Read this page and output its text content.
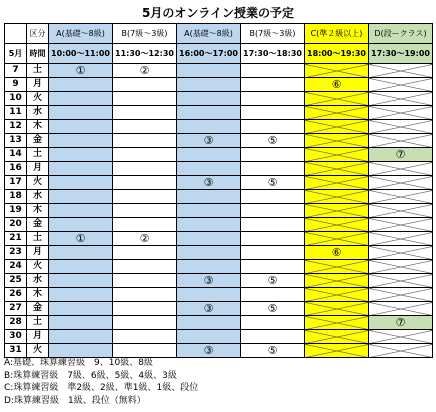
5月のオンライン授業の予定
	区分	A(基礎～8級)	B(7級～3級)	A(基礎～8級)	B(7級～3級)	C(準２級以上)	D(段ークラス)
5月	時間	10:00～11:00	11:30～12:30	16:00～17:00	17:30～18:30	18:00～19:30	17:30～19:00
7	土	①	②				
9	月					⑥	
10	火						
11	水						
12	木						
13	金			③	⑤		
14	土						⑦
16	月						
17	火			③	⑤		
18	水						
19	木						
20	金						
21	土	①	②				
23	月					⑥	
24	火						
25	水			③	⑤		
26	木						
27	金			③	⑤		
28	土						⑦
30	月						
31	火			③	⑤		
A:基礎、珠算練習級　9、10級、8級
B:珠算練習級　7級、6級、5級、4級、3級
C:珠算練習級　準2級、2級、準1級、1級、段位
D:珠算練習級　1級、段位（無料）
